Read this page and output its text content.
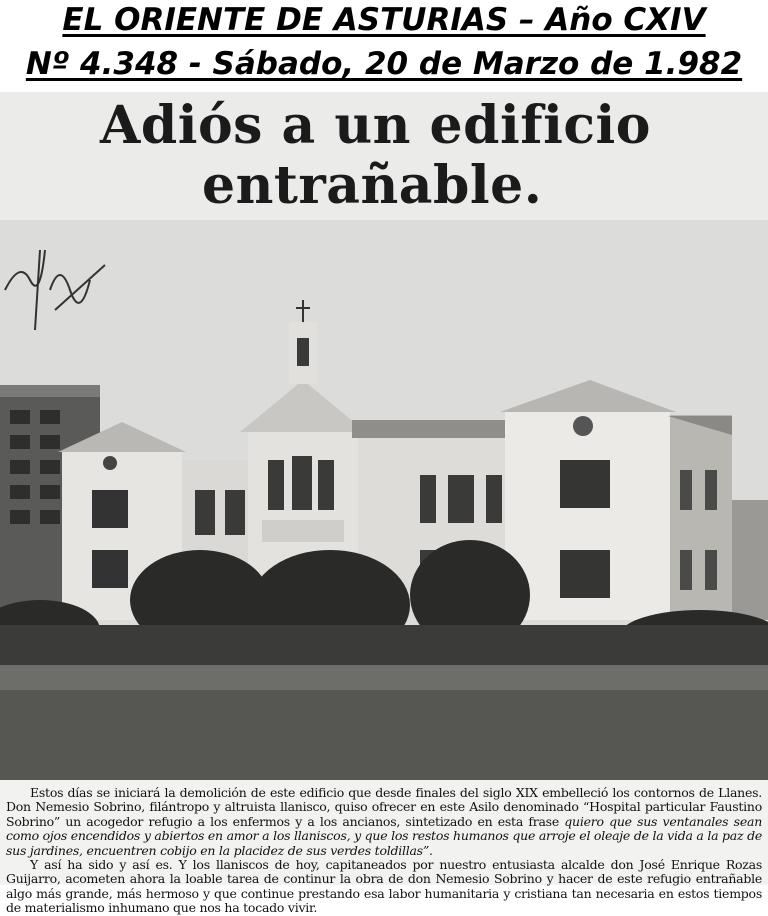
EL ORIENTE DE ASTURIAS – Año CXIV
Nº 4.348 - Sábado, 20 de Marzo de 1.982
Adiós a un edificio
entrañable.

Estos días se iniciará la demolición de este edificio que desde finales del siglo XIX embelleció los contornos de Llanes. Don Nemesio Sobrino, filántropo y altruista llanisco, quiso ofrecer en este Asilo denominado “Hospital particular Faustino Sobrino” un acogedor refugio a los enfermos y a los ancianos, sintetizado en esta frase quiero que sus ventanales sean como ojos encendidos y abiertos en amor a los llaniscos, y que los restos humanos que arroje el oleaje de la vida a la paz de sus jardines, encuentren cobijo en la placidez de sus verdes toldillas”.

Y así ha sido y así es. Y los llaniscos de hoy, capitaneados por nuestro entusiasta alcalde don José Enrique Rozas Guijarro, acometen ahora la loable tarea de continur la obra de don Nemesio Sobrino y hacer de este refugio entrañable algo más grande, más hermoso y que continue prestando esa labor humanitaria y cristiana tan necesaria en estos tiempos de materialismo inhumano que nos ha tocado vivir.
